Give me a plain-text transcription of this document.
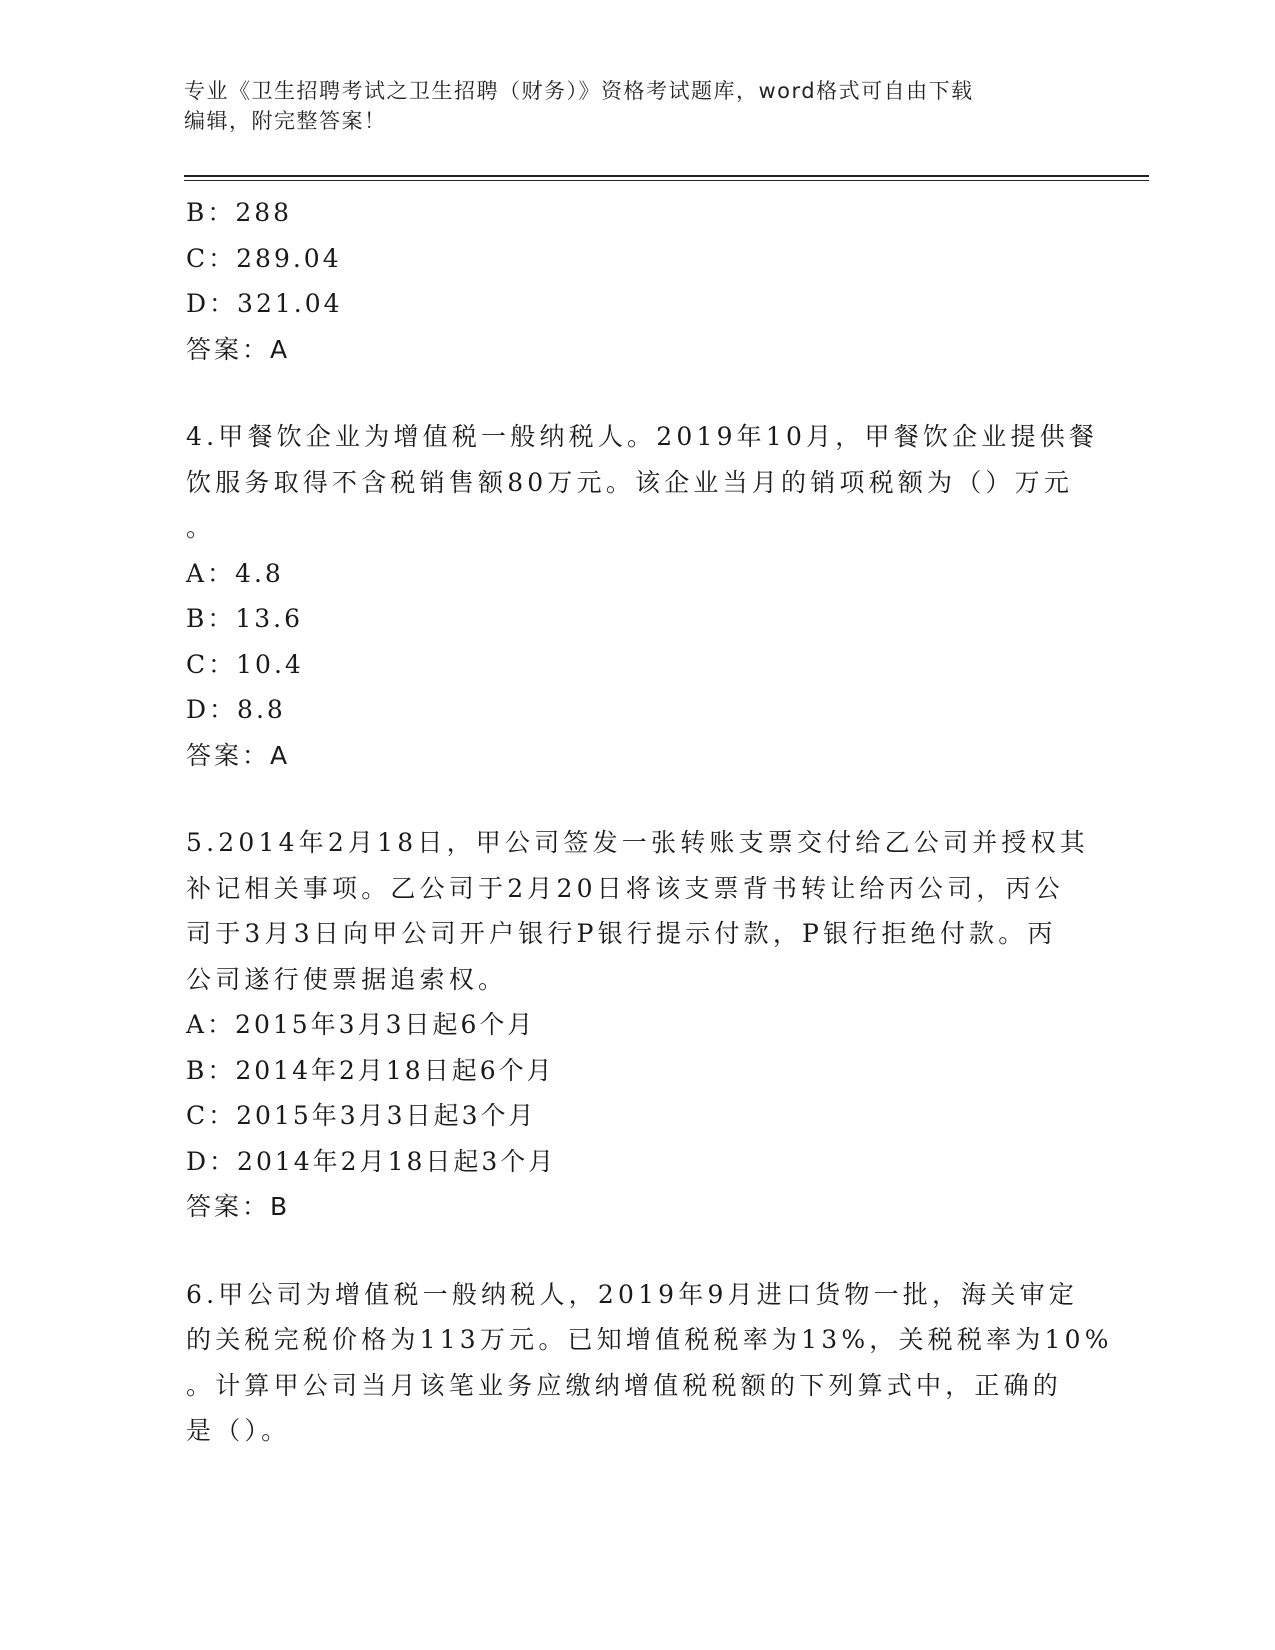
专业《卫生招聘考试之卫生招聘（财务）》资格考试题库，word格式可自由下载
编辑，附完整答案！
B：288
C：289.04
D：321.04
答案：A
4.甲餐饮企业为增值税一般纳税人。2019年10月，甲餐饮企业提供餐
饮服务取得不含税销售额80万元。该企业当月的销项税额为（）万元
。
A：4.8
B：13.6
C：10.4
D：8.8
答案：A
5.2014年2月18日，甲公司签发一张转账支票交付给乙公司并授权其
补记相关事项。乙公司于2月20日将该支票背书转让给丙公司，丙公
司于3月3日向甲公司开户银行P银行提示付款，P银行拒绝付款。丙
公司遂行使票据追索权。
A：2015年3月3日起6个月
B：2014年2月18日起6个月
C：2015年3月3日起3个月
D：2014年2月18日起3个月
答案：B
6.甲公司为增值税一般纳税人，2019年9月进口货物一批，海关审定
的关税完税价格为113万元。已知增值税税率为13%，关税税率为10%
。计算甲公司当月该笔业务应缴纳增值税税额的下列算式中，正确的
是（）。
